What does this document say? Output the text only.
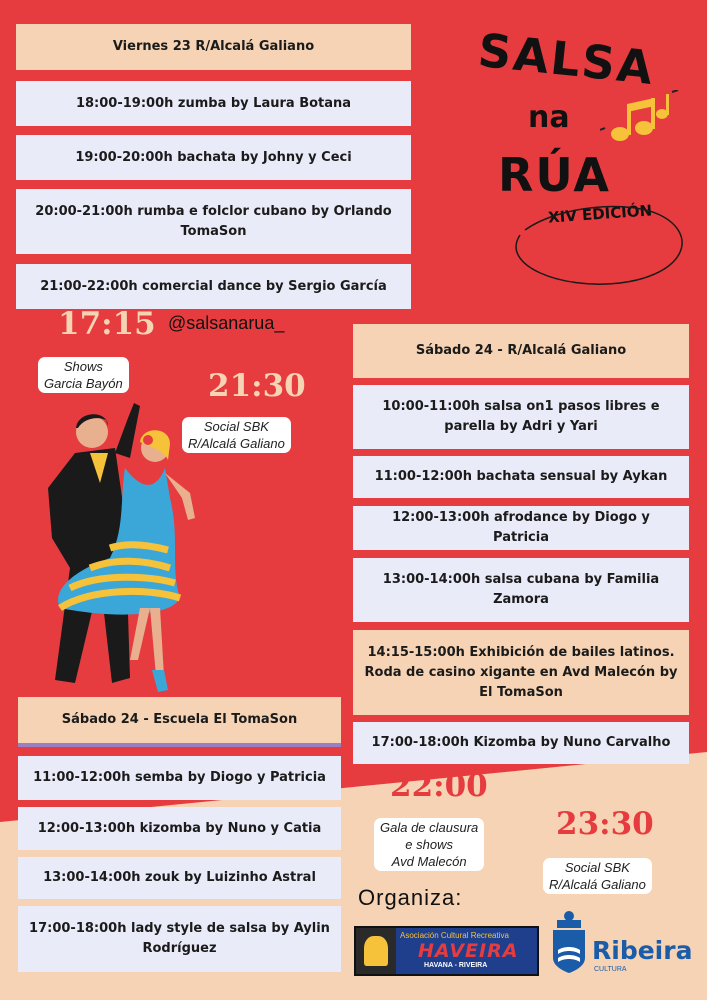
Viernes 23 R/Alcalá Galiano
18:00-19:00h zumba by Laura Botana
19:00-20:00h bachata by Johny y Ceci
20:00-21:00h rumba e folclor cubano by Orlando TomaSon
21:00-22:00h comercial dance by Sergio García
SALSA
na
RÚA
XIV EDICIÓN
@salsanarua_
17:15
Shows
Garcia Bayón	21:30
Social SBK
R/Alcalá Galiano
Sábado 24 - R/Alcalá Galiano
10:00-11:00h salsa on1 pasos libres e parella by Adri y Yari
11:00-12:00h bachata sensual by Aykan
12:00-13:00h afrodance by Diogo y Patricia
13:00-14:00h salsa cubana by Familia Zamora
14:15-15:00h Exhibición de bailes latinos. Roda de casino xigante en Avd Malecón by El TomaSon
17:00-18:00h Kizomba by Nuno Carvalho
Sábado 24 - Escuela El TomaSon
11:00-12:00h semba by Diogo y Patricia
12:00-13:00h kizomba by Nuno y Catia
13:00-14:00h zouk by Luizinho Astral
17:00-18:00h lady style de salsa by Aylin Rodríguez
22:00
Gala de clausura
e shows
Avd Malecón
23:30
Social SBK
R/Alcalá Galiano
Organiza:
Asociación Cultural Recreativa
HAVEIRA
HAVANA - RIVEIRA
Ribeira
CULTURA
